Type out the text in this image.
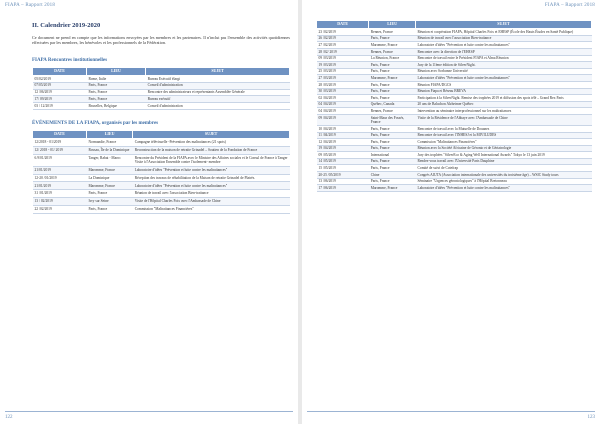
FIAPA – Rapport 2018
II. Calendrier 2019-2020

Ce document ne prend en compte que les informations envoyées par les membres et les partenaires. Il n'inclut pas l'ensemble des activités quotidiennes effectuées par les membres, les bénévoles et les professionnels de la Fédération.

FIAPA Rencontres institutionnelles
DATE	LIEU	SUJET
05/02/2019	Rome, Italie	Bureau Exécutif élargi
07/05/2019	Paris, France	Conseil d'administration
12 /06/2019	Paris, France	Rencontre des administrateurs et représentants Assemblée Générale
17/ 09/2019	Paris, France	Bureau exécutif
03 / 12/2019	Bruxelles, Belgique	Conseil d'administration
ÉVÉNEMENTS DE LA FIAPA, organisés par les membres
DATE	LIEU	SUJET
12/2018 - 01/2019	Normandie, France	Campagne télévisuelle -Prévention des maltraitances (21 spots)
12/ 2018 - 01/ 2019	Rossau, Île de la Dominique	Reconstruction de la maison de retraite Grinadel – Soutien de la Fondation de France
6.9/01/2019	Tanger, Rabat - Maroc	Rencontre du Président de la FIAPA avec le Ministre des Affaires sociales et le Consul de France à Tanger
Visite à l'Association Ensemble contre l'isolement- membre
21/01/2019	Maromme, France	Laboratoire d'idées "Prévention et lutte contre les maltraitances"
12-20 /01/2019	La Dominique	Réception des travaux de réhabilitation de la Maison de retraite Grinadel de Platrès.
21/01/2019	Maromme, France	Laboratoire d'idées "Prévention et lutte contre les maltraitances"
31 /01/2019	Paris, France	Réunion de travail avec l'association Bien-traitance
13 / 02/2019	Ivry sur Seine	Visite de l'Hôpital Charles Foix avec l'Ambassade de Chine
22 /02/2019	Paris, France	Commission "Maltraitances Financières"
122
FIAPA – Rapport 2018
DATE	LIEU	SUJET
23 /02/2019	Rennes, France	Réunion et coopération FIAPA, Hôpital Charles Foix et EHESP (École des Hauts Études en Santé Publique)
26 /02/2019	Paris, France	Réunion de travail avec l'association Bien-traitance
27 /02/2019	Maromme, France	Laboratoire d'idées "Prévention et lutte contre les maltraitances"
28 /02/ 2019	Rennes, France	Rencontre avec la direction de l'EHESP
09 /03/2019	La Réunion, France	Rencontre de travail entre le Président FIAPA et Alma Réunion
19 /03/2019	Paris, France	Jury de la 11ème édition de SilverNight.
25 /03/2019	Paris, France	Réunion avec Sorbonne Université
27 /03/2019	Maromme, France	Laboratoire d'idées "Prévention et lutte contre les maltraitances"
28 /03/2019	Paris, France	Réunion FIAPA/DGCS
30 /03/2019	Paris, France	Réunion Fiapa et Réseau BREVA
02 /04/2019	Paris, France	Participation à la SilverNight. Remise des trophées 2019 et diffusion des spots télé – Grand Rex Paris
04 /04/2019	Québec, Canada	20 ans de Baluchon Alzheimer Québec
04 /04/2019	Rennes, France	Intervention au séminaire interprofessionnel sur les maltraitances
09 /04/2019	Saint-Maur des Fossés, France	Visite de la Résidence de l'Abbaye avec l'Ambassade de Chine
10 /04/2019	Paris, France	Rencontre de travail avec la Mutuelle de Douanes
11 /04/2019	Paris, France	Rencontre de travail avec l'INHESJ et la MIVILUDES
12 /04/2019	Paris, France	Commission "Maltraitances Financières"
19 /04/2019	Paris, France	Réunion avec la Société Africaine de Géronto et de Gériatrologie
09 /05/2019	International	Jury des trophées "SilverEco & Aging Well International Awards" Tokyo le 13 juin 2019
14 /05/2019	Paris, France	Rendez-vous travail avec l'Université Paris Dauphine
15 /05/2019	Paris, France	Comité de suivi de Cotefrap
20-25 /05/2019	Chine	Congrès AIUTA (Association internationale des universités du troisième âge) – WSIC Study tours
13 /06/2019	Paris, France	Séminaire "Urgences gérontologiques" à l'Hôpital Bretonneau
17 /06/2019	Maromme, France	Laboratoire d'idées "Prévention et lutte contre les maltraitances"
123
